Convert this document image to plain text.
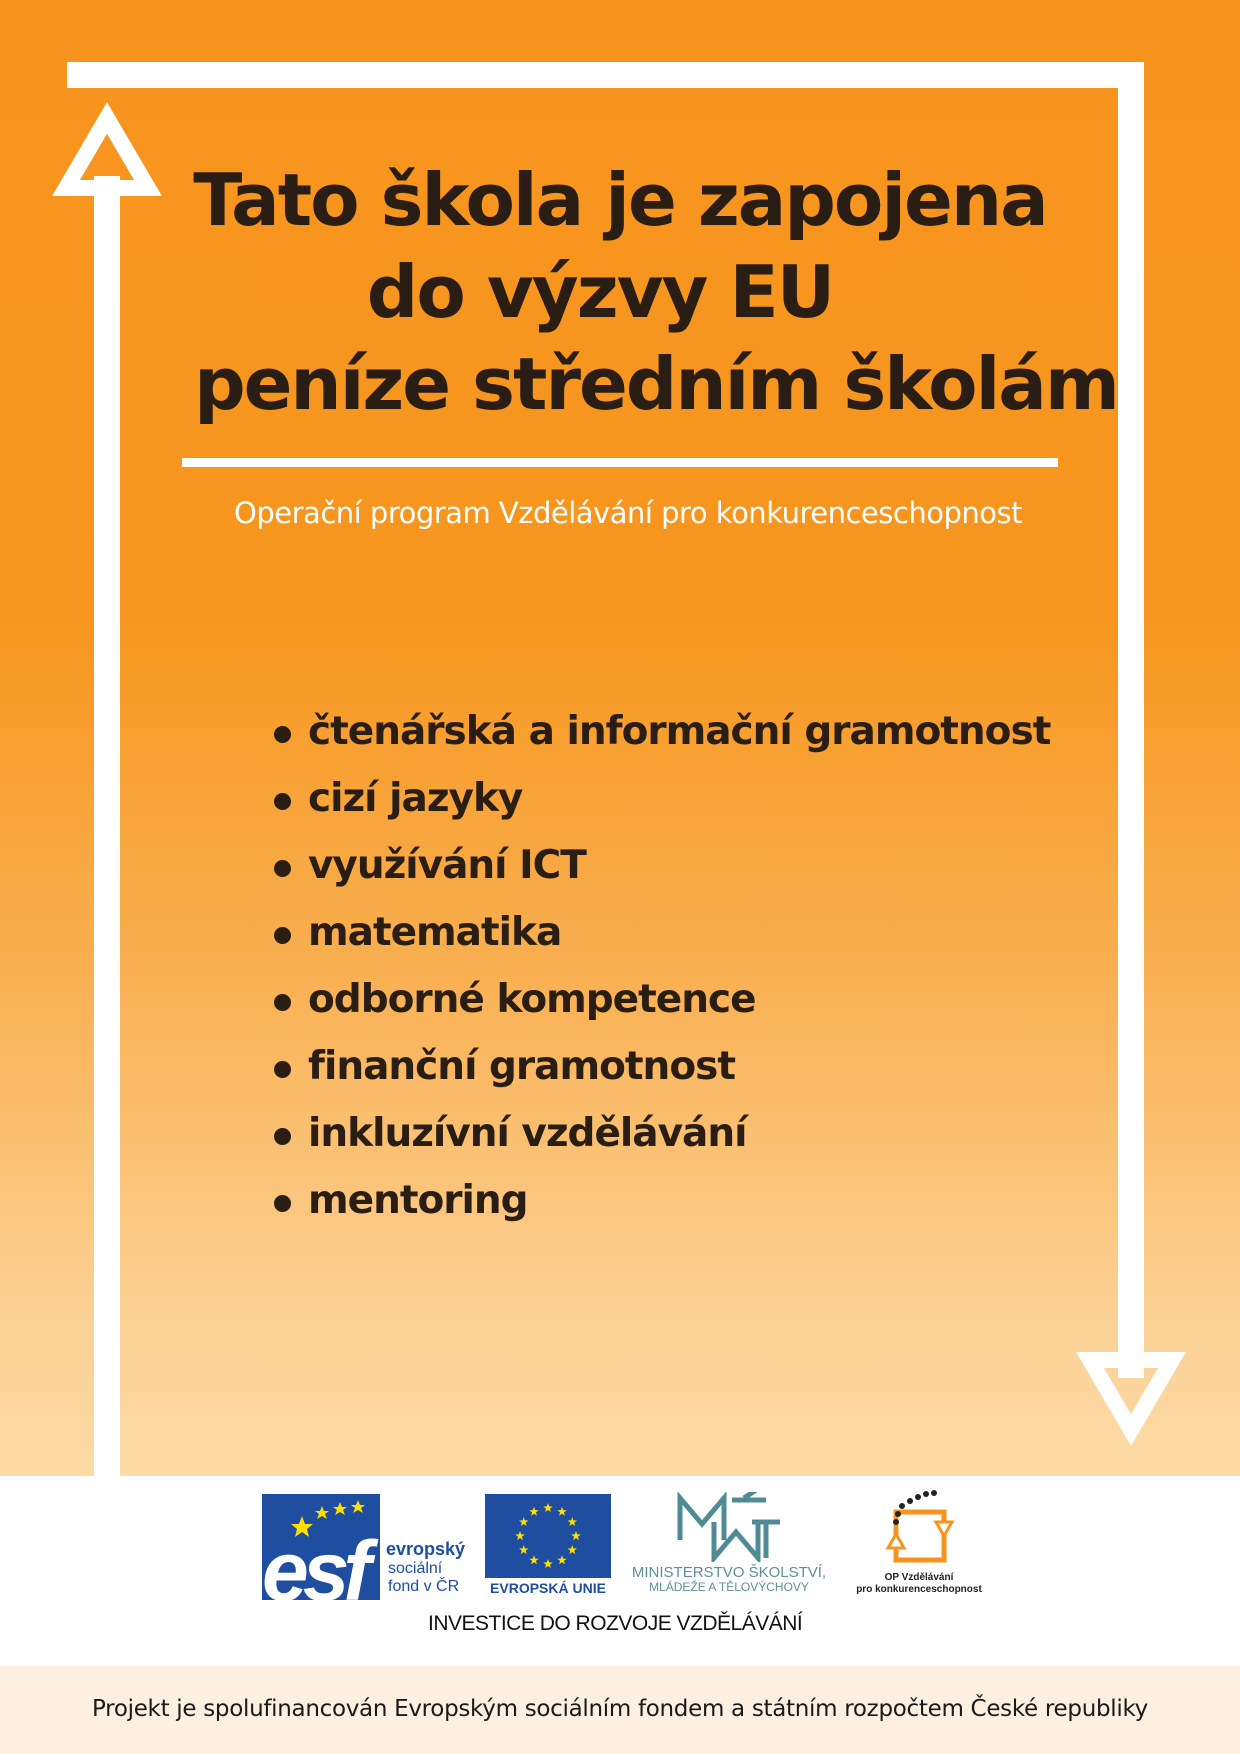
Tato škola je zapojena
do výzvy EU
peníze středním školám
Operační program Vzdělávání pro konkurenceschopnost
čtenářská a informační gramotnost
cizí jazyky
využívání ICT
matematika
odborné kompetence
finanční gramotnost
inkluzívní vzdělávání
mentoring
esf evropský
sociální
fond v ČR	EVROPSKÁ UNIE
MINISTERSTVO ŠKOLSTVÍ,
MLÁDEŽE A TĚLOVÝCHOVY
OP Vzdělávání
pro konkurenceschopnost
INVESTICE DO ROZVOJE VZDĚLÁVÁNÍ
Projekt je spolufinancován Evropským sociálním fondem a státním rozpočtem České republiky
